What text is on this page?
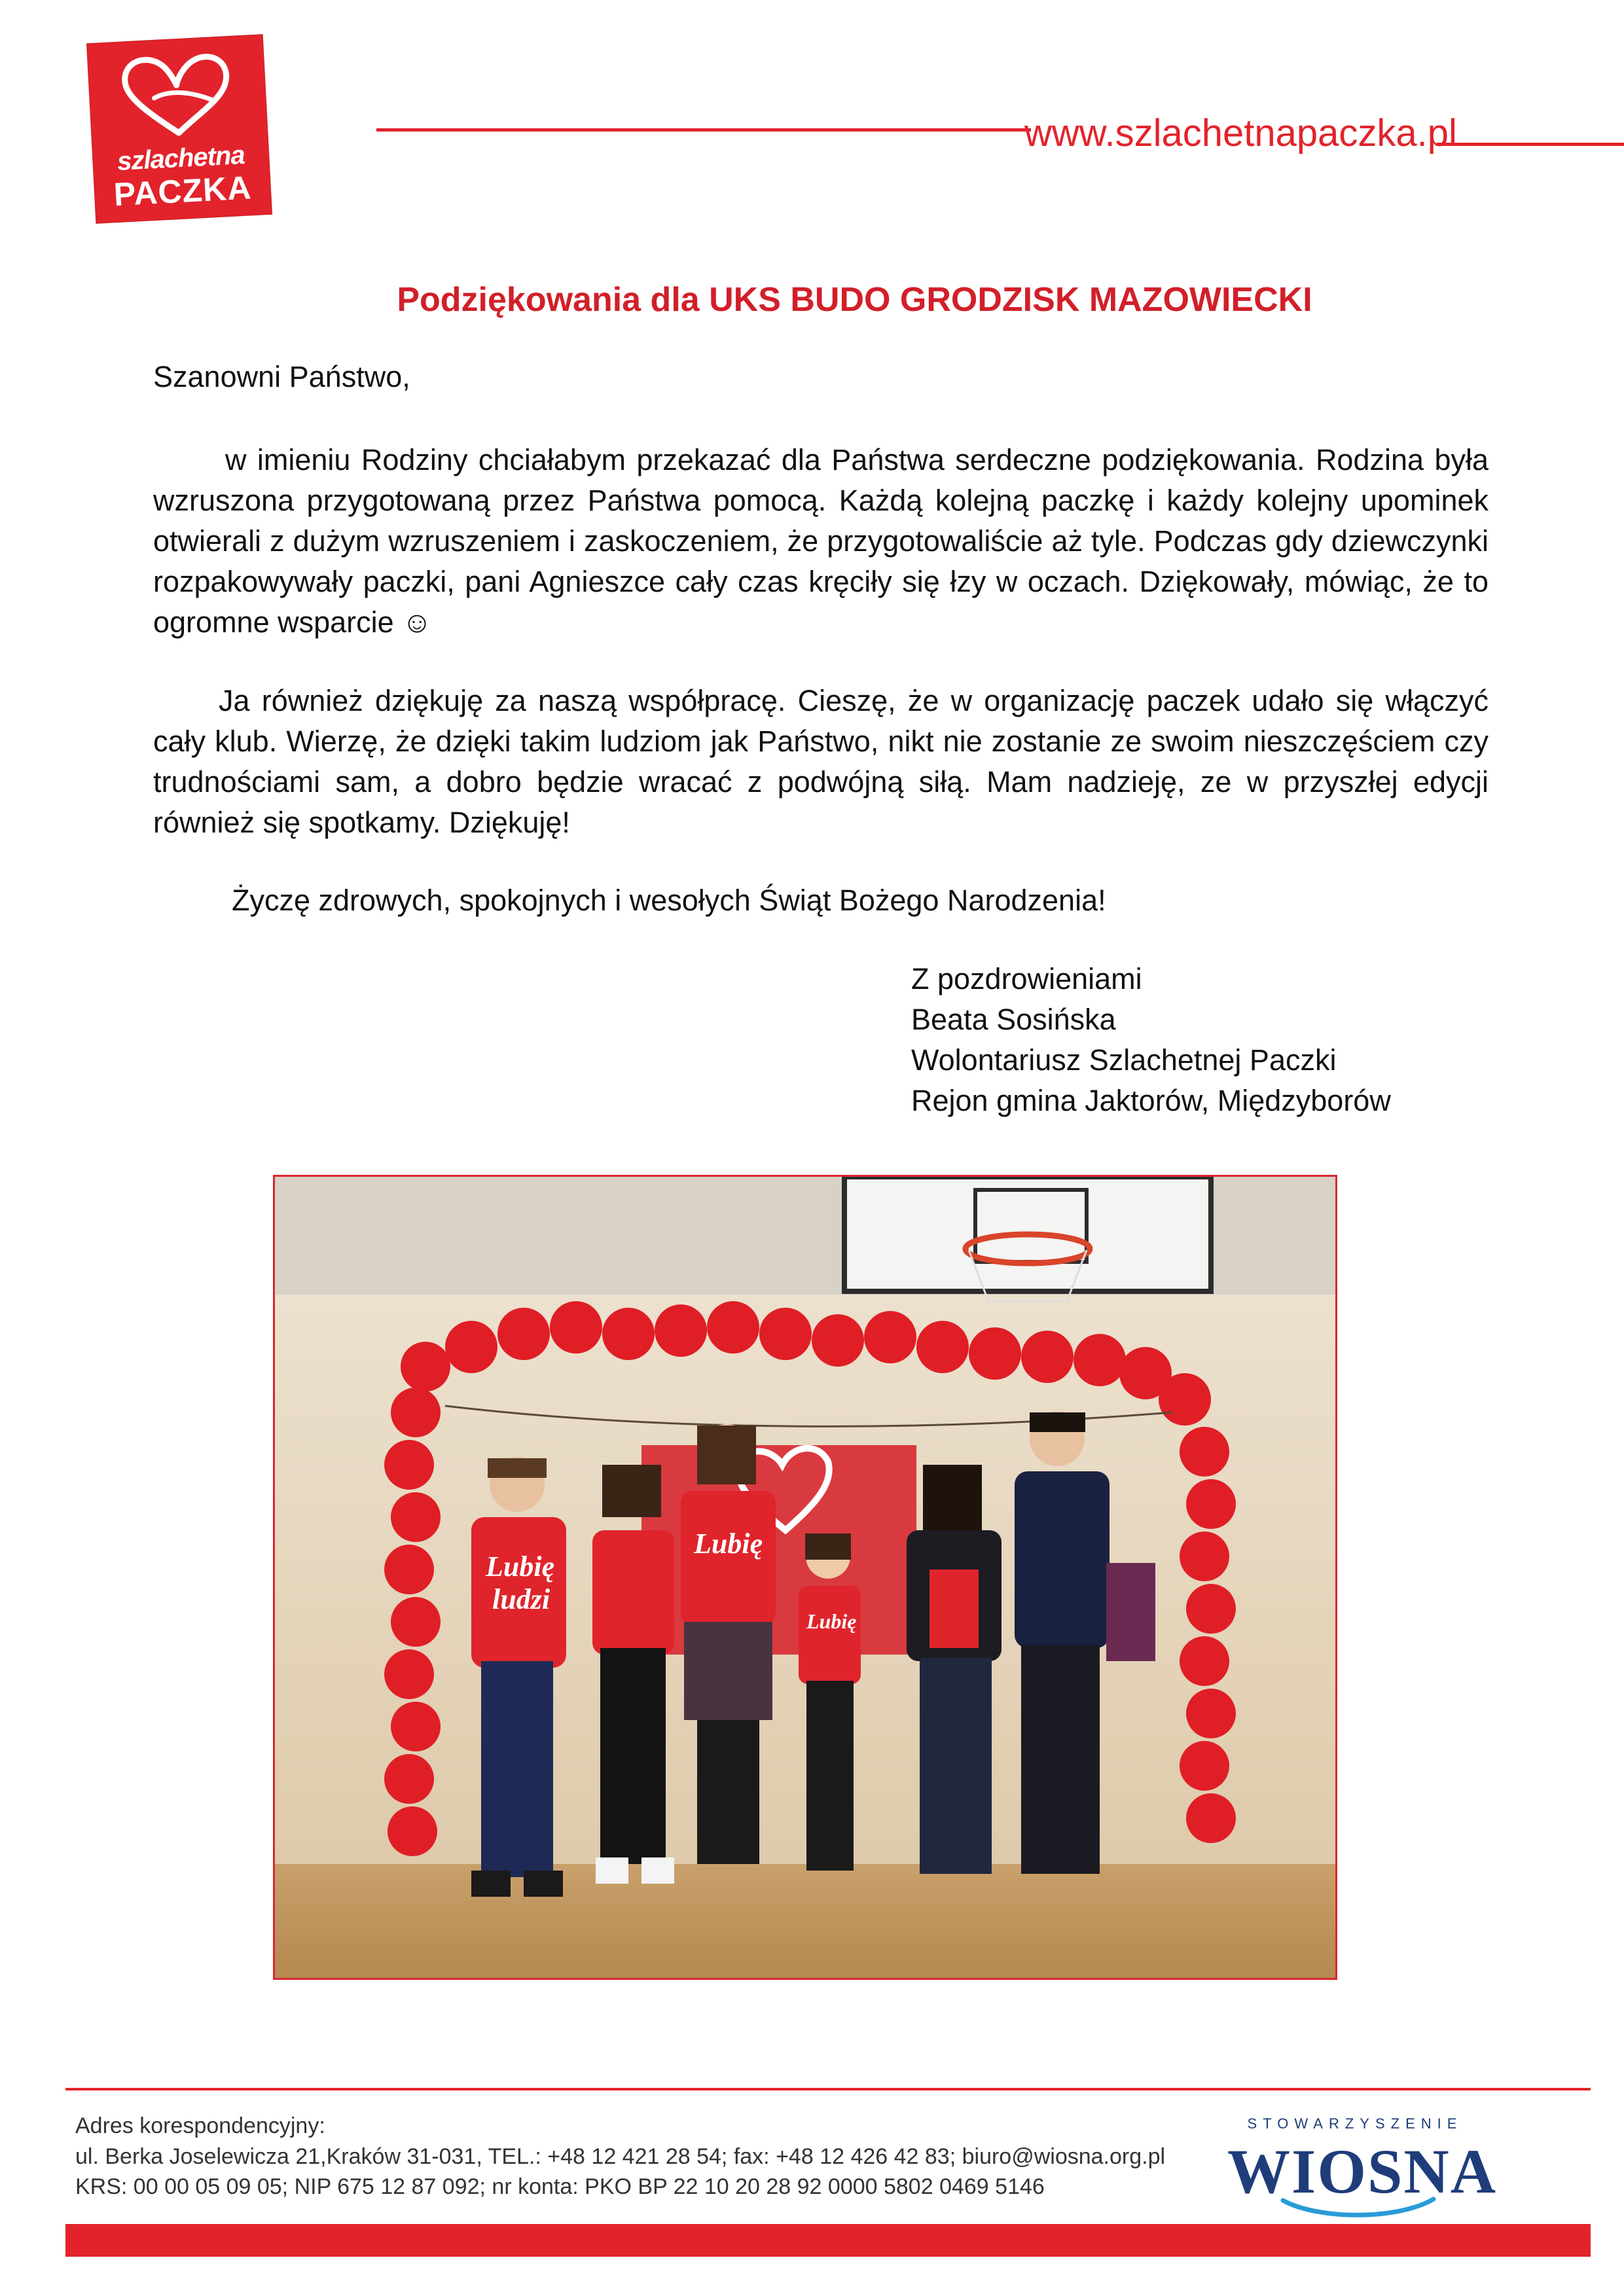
szlachetna
PACZKA
www.szlachetnapaczka.pl
Podziękowania dla UKS BUDO GRODZISK MAZOWIECKI
Szanowni Państwo,

w imieniu Rodziny chciałabym przekazać dla Państwa serdeczne podziękowania. Rodzina była wzruszona przygotowaną przez Państwa pomocą. Każdą kolejną paczkę i każdy kolejny upominek otwierali z dużym wzruszeniem i zaskoczeniem, że przygotowaliście aż tyle. Podczas gdy dziewczynki rozpakowywały paczki, pani Agnieszce cały czas kręciły się łzy w oczach. Dziękowały, mówiąc, że to ogromne wsparcie ☺

Ja również dziękuję za naszą współpracę. Cieszę, że w organizację paczek udało się włączyć cały klub. Wierzę, że dzięki takim ludziom jak Państwo, nikt nie zostanie ze swoim nieszczęściem czy trudnościami sam, a dobro będzie wracać z podwójną siłą. Mam nadzieję, ze w przyszłej edycji również się spotkamy. Dziękuję!

Życzę zdrowych, spokojnych i wesołych Świąt Bożego Narodzenia!

Z pozdrowieniami
Beata Sosińska
Wolontariusz Szlachetnej Paczki
Rejon gmina Jaktorów, Międzyborów
Lubię
ludzi
Lubię
Lubię
Adres korespondencyjny:
ul. Berka Joselewicza 21,Kraków 31-031, TEL.: +48 12 421 28 54; fax: +48 12 426 42 83; biuro@wiosna.org.pl
KRS: 00 00 05 09 05; NIP 675 12 87 092; nr konta: PKO BP 22 10 20 28 92 0000 5802 0469 5146
STOWARZYSZENIE
WIOSNA
